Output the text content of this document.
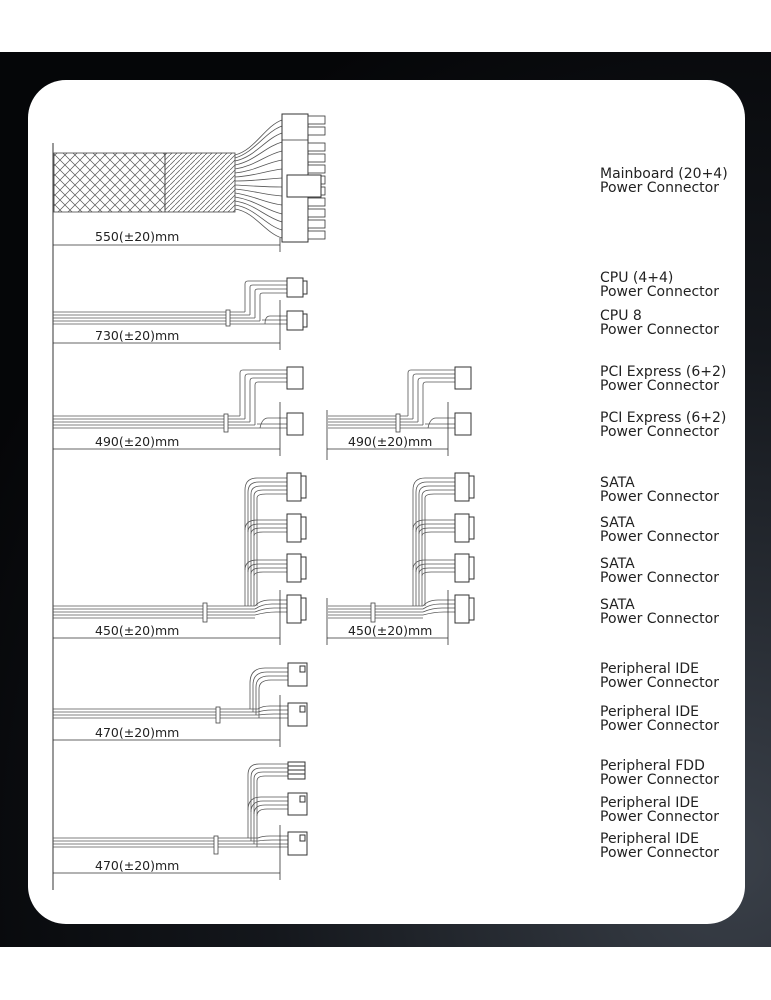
550(±20)mm
730(±20)mm
490(±20)mm	490(±20)mm
450(±20)mm	450(±20)mm
470(±20)mm
470(±20)mm
Mainboard (20+4)
Power Connector
CPU (4+4)
Power Connector
CPU 8
Power Connector
PCI Express (6+2)
Power Connector
PCI Express (6+2)
Power Connector
SATA
Power Connector
SATA
Power Connector
SATA
Power Connector
SATA
Power Connector
Peripheral IDE
Power Connector
Peripheral IDE
Power Connector
Peripheral FDD
Power Connector
Peripheral IDE
Power Connector
Peripheral IDE
Power Connector
